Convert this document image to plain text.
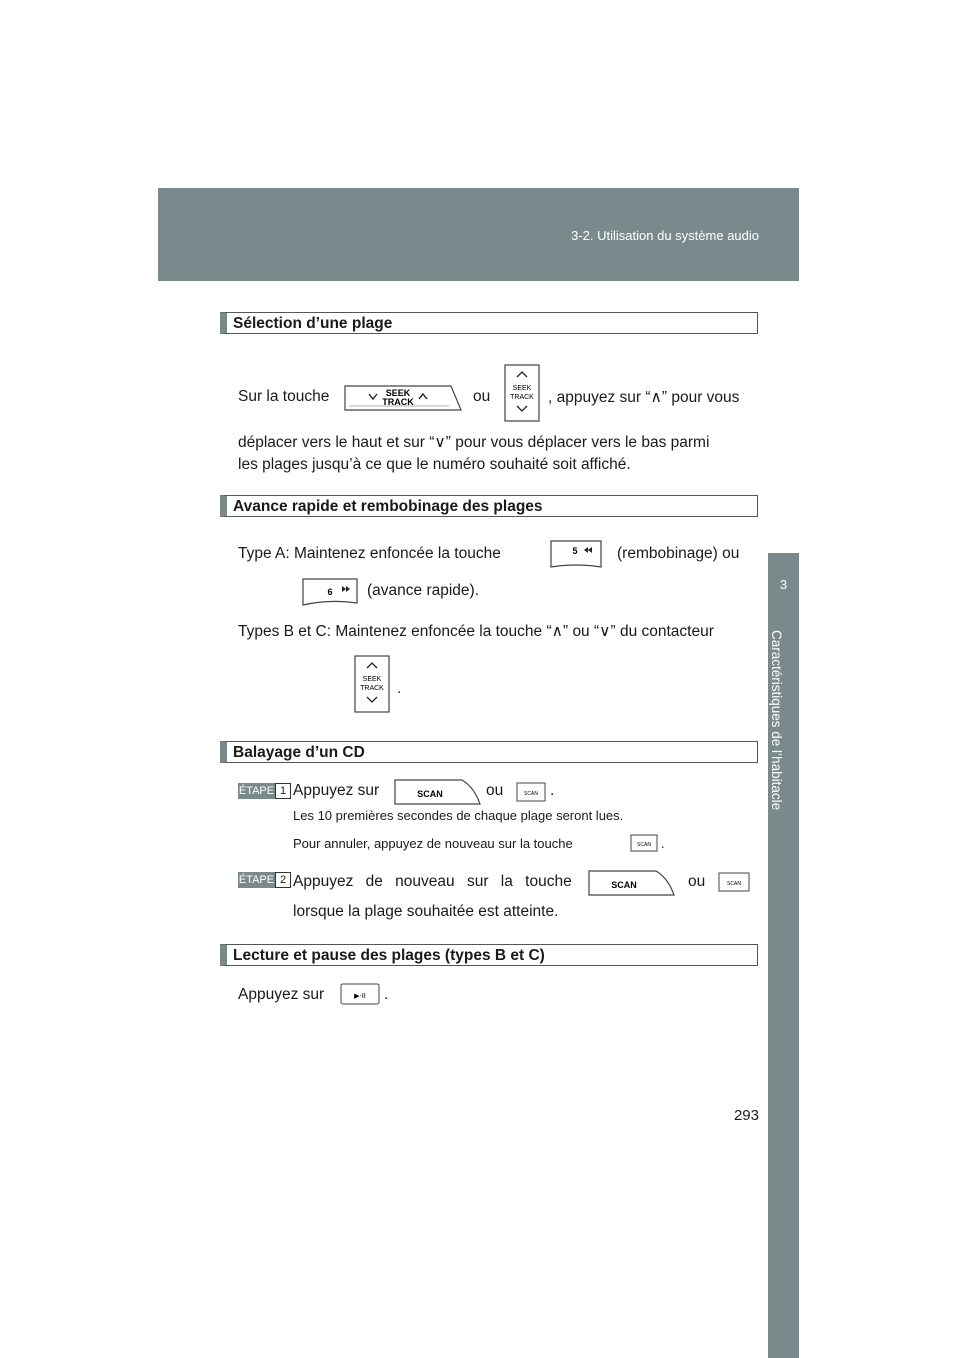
3-2. Utilisation du système audio
3
Caractéristiques de l’habitacle
Sélection d’une plage
Sur la touche	SEEK
TRACK	ou	SEEK
TRACK , appuyez sur “∧” pour vous
déplacer vers le haut et sur “∨” pour vous déplacer vers le bas parmi
les plages jusqu’à ce que le numéro souhaité soit affiché.
Avance rapide et rembobinage des plages
Type A: Maintenez enfoncée la touche	5	(rembobinage) ou
6 (avance rapide).
Types B et C: Maintenez enfoncée la touche “∧” ou “∨” du contacteur
SEEK
TRACK .
Balayage d’un CD
ÉTAPE 1 Appuyez sur	SCAN	ou	SCAN .
Les 10 premières secondes de chaque plage seront lues.
Pour annuler, appuyez de nouveau sur la touche	SCAN .
ÉTAPE 2 Appuyez de nouveau sur la touche	SCAN	ou	SCAN
lorsque la plage souhaitée est atteinte.
Lecture et pause des plages (types B et C)
Appuyez sur	▶·II .
293
